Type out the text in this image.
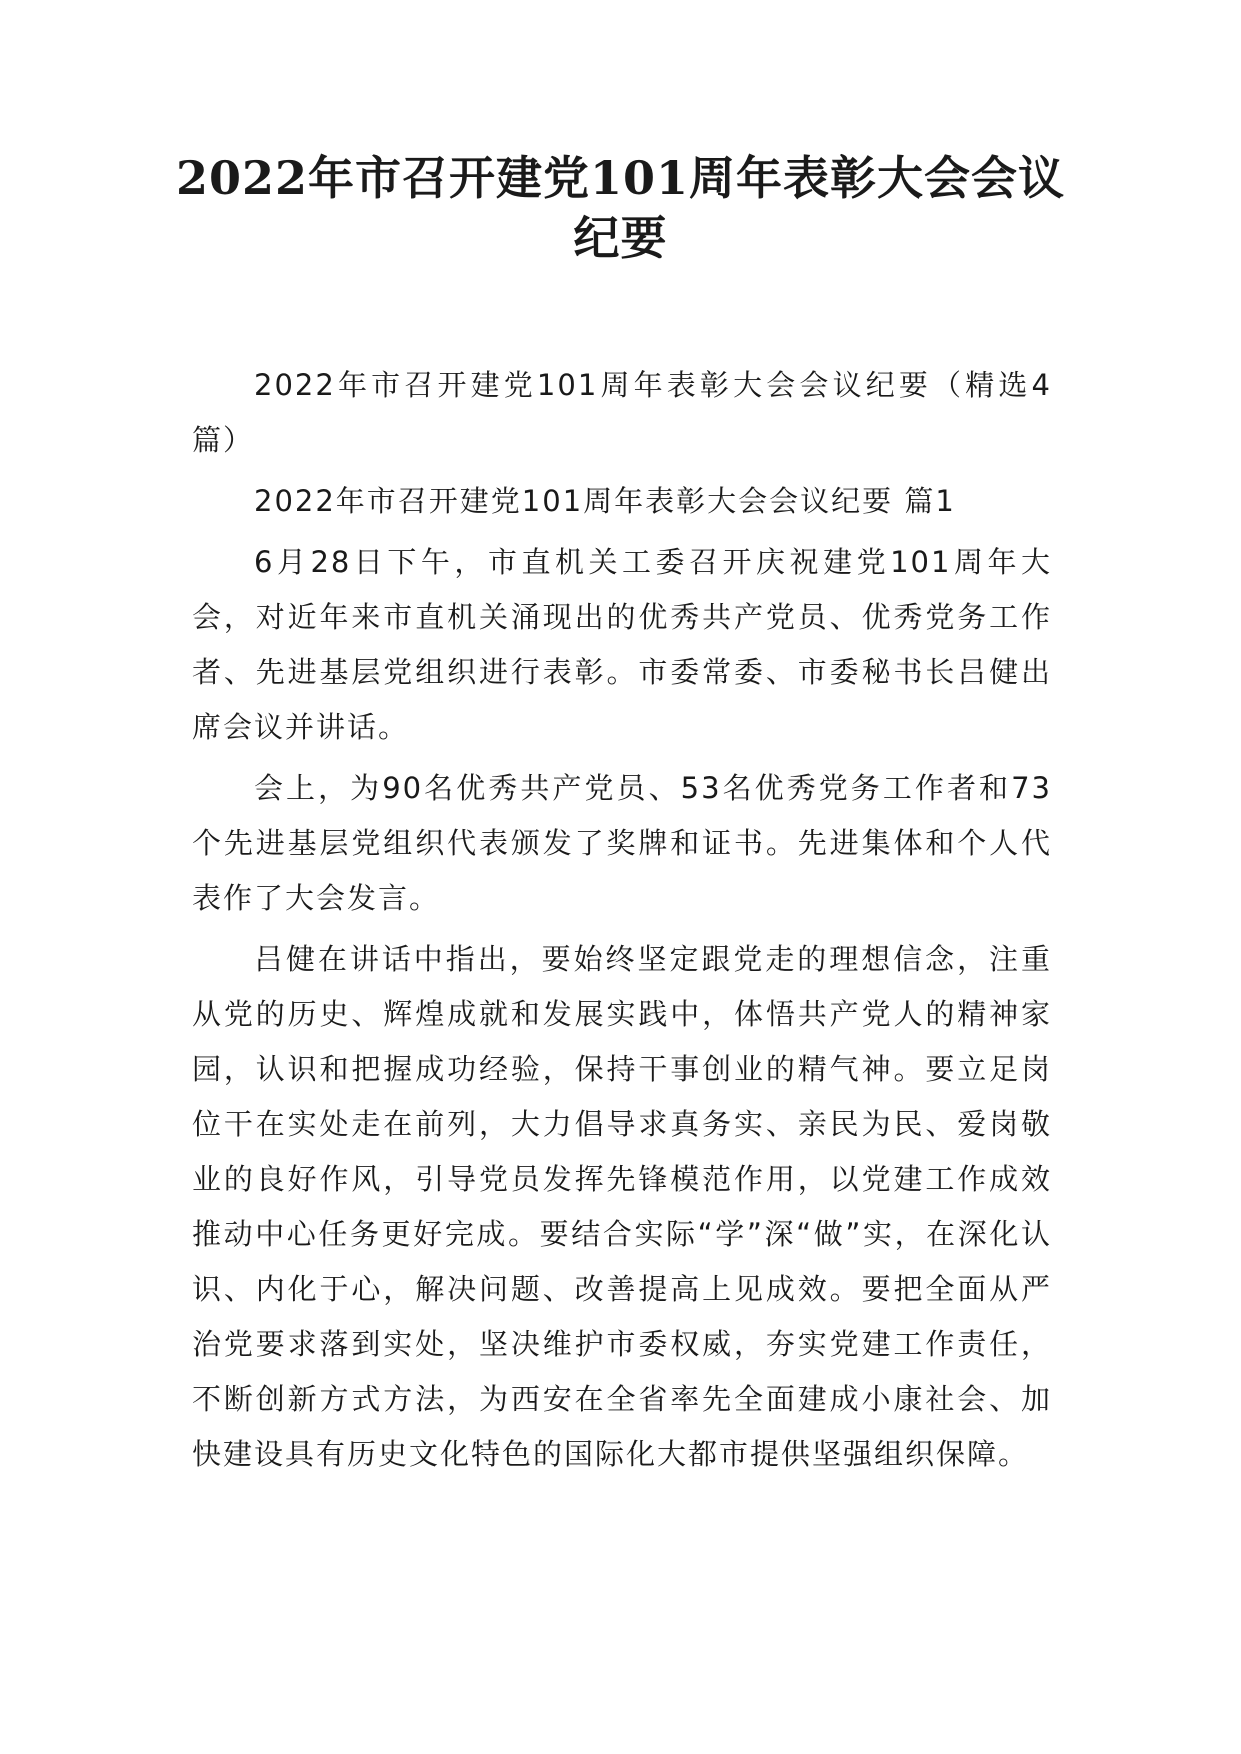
2022年市召开建党101周年表彰大会会议
纪要

2022年市召开建党101周年表彰大会会议纪要（精选4篇）

2022年市召开建党101周年表彰大会会议纪要 篇1

6月28日下午，市直机关工委召开庆祝建党101周年大会，对近年来市直机关涌现出的优秀共产党员、优秀党务工作者、先进基层党组织进行表彰。市委常委、市委秘书长吕健出席会议并讲话。

会上，为90名优秀共产党员、53名优秀党务工作者和73个先进基层党组织代表颁发了奖牌和证书。先进集体和个人代表作了大会发言。

吕健在讲话中指出，要始终坚定跟党走的理想信念，注重从党的历史、辉煌成就和发展实践中，体悟共产党人的精神家园，认识和把握成功经验，保持干事创业的精气神。要立足岗位干在实处走在前列，大力倡导求真务实、亲民为民、爱岗敬业的良好作风，引导党员发挥先锋模范作用，以党建工作成效推动中心任务更好完成。要结合实际“学”深“做”实，在深化认识、内化于心，解决问题、改善提高上见成效。要把全面从严治党要求落到实处，坚决维护市委权威，夯实党建工作责任，不断创新方式方法，为西安在全省率先全面建成小康社会、加快建设具有历史文化特色的国际化大都市提供坚强组织保障。
